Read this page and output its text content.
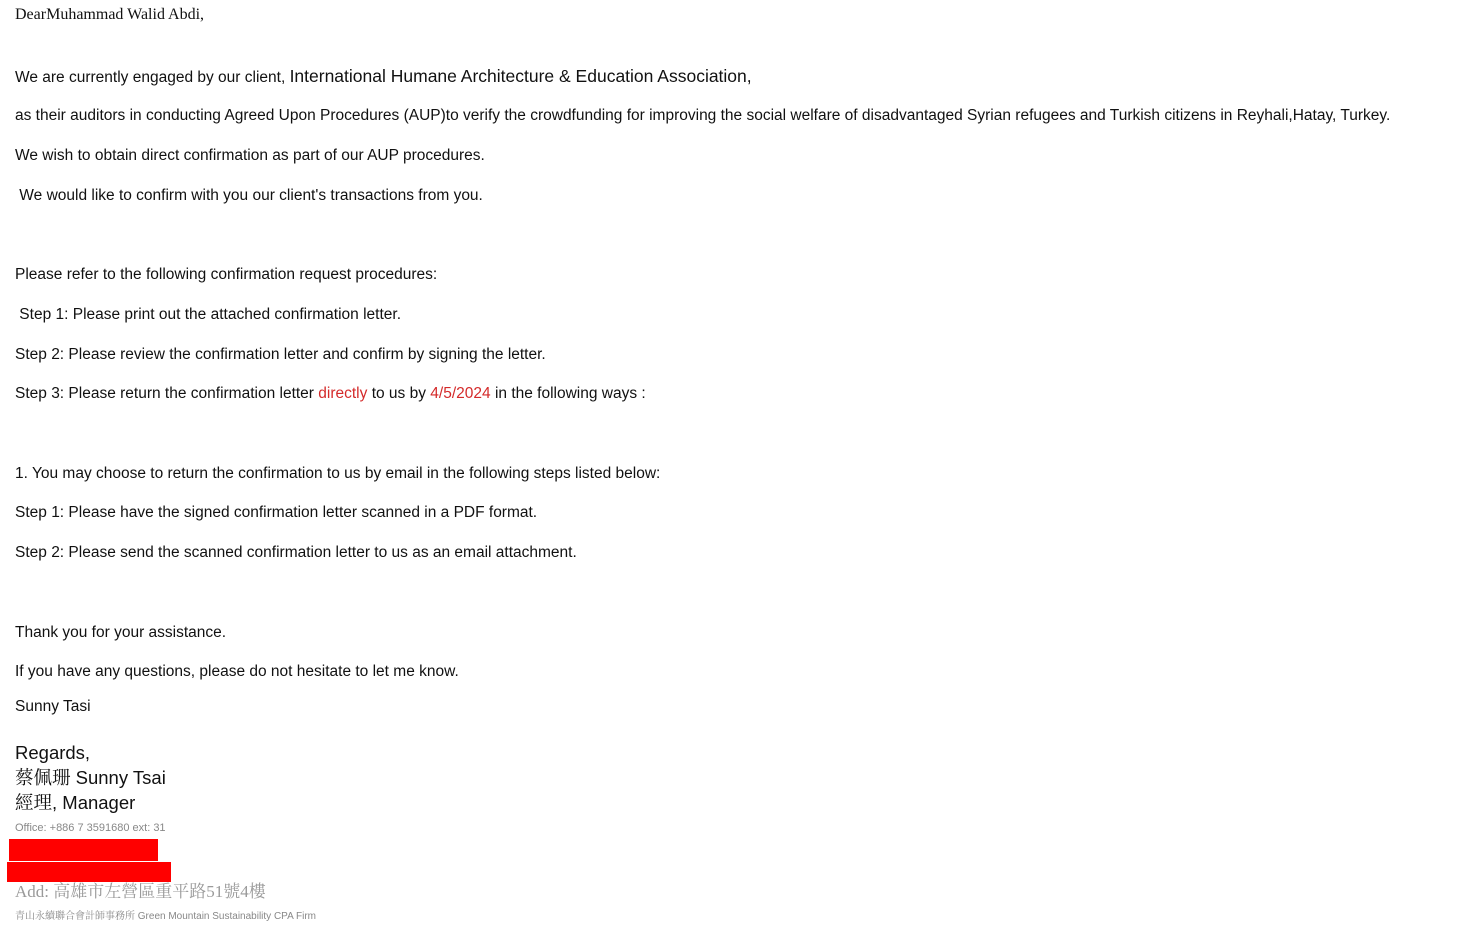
DearMuhammad Walid Abdi,

We are currently engaged by our client, International Humane Architecture & Education Association,

as their auditors in conducting Agreed Upon Procedures (AUP)to verify the crowdfunding for improving the social welfare of disadvantaged Syrian refugees and Turkish citizens in Reyhali,Hatay, Turkey.

We wish to obtain direct confirmation as part of our AUP procedures.

We would like to confirm with you our client's transactions from you.

Please refer to the following confirmation request procedures:

Step 1: Please print out the attached confirmation letter.

Step 2: Please review the confirmation letter and confirm by signing the letter.

Step 3: Please return the confirmation letter directly to us by 4/5/2024 in the following ways :

1. You may choose to return the confirmation to us by email in the following steps listed below:

Step 1: Please have the signed confirmation letter scanned in a PDF format.

Step 2: Please send the scanned confirmation letter to us as an email attachment.

Thank you for your assistance.

If you have any questions, please do not hesitate to let me know.

Sunny Tasi

Regards,

蔡佩珊 Sunny Tsai

經理, Manager

Office: +886 7 3591680 ext: 31

Add: 高雄市左營區重平路51號4樓

青山永續聯合會計師事務所 Green Mountain Sustainability CPA Firm
